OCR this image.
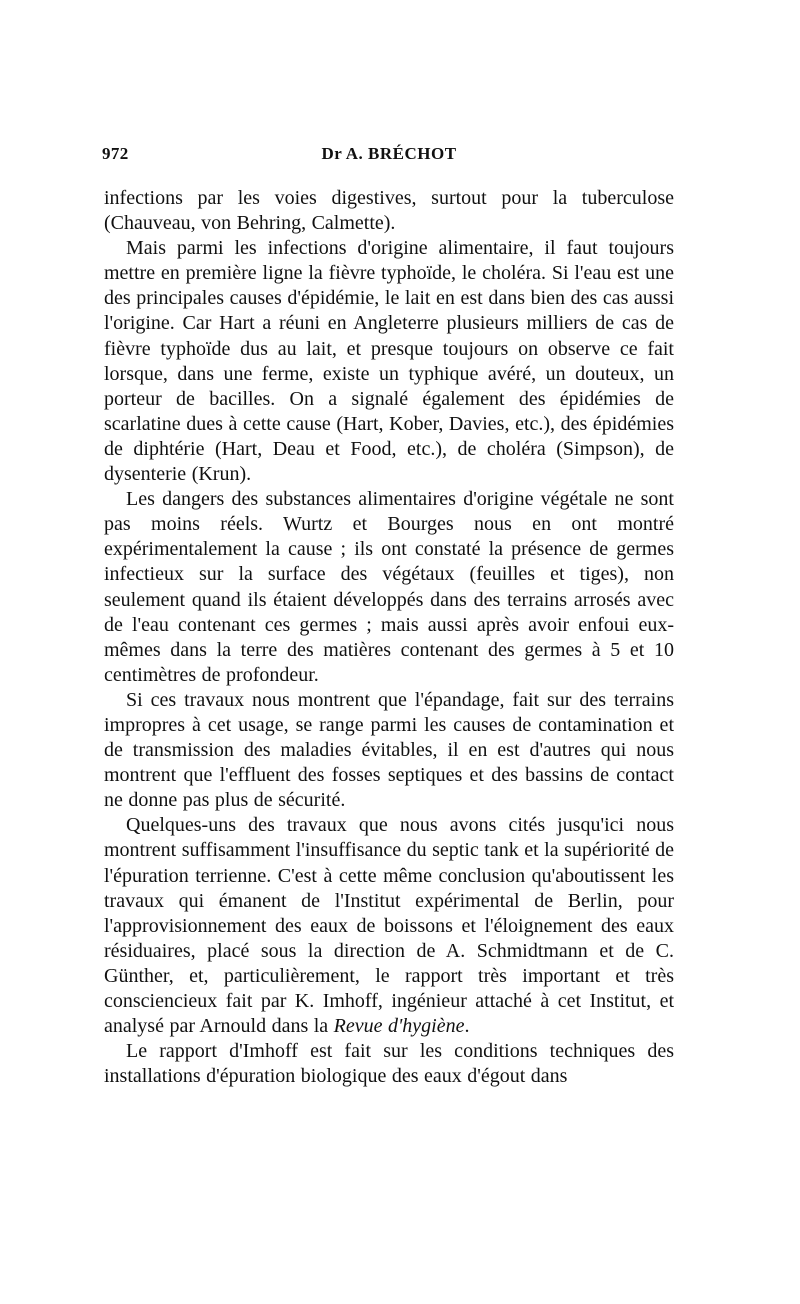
972	Dr A. BRÉCHOT

infections par les voies digestives, surtout pour la tuberculose (Chauveau, von Behring, Calmette).

Mais parmi les infections d'origine alimentaire, il faut toujours mettre en première ligne la fièvre typhoïde, le choléra. Si l'eau est une des principales causes d'épidémie, le lait en est dans bien des cas aussi l'origine. Car Hart a réuni en Angleterre plusieurs milliers de cas de fièvre typhoïde dus au lait, et presque toujours on observe ce fait lorsque, dans une ferme, existe un typhique avéré, un douteux, un porteur de bacilles. On a signalé également des épidémies de scarlatine dues à cette cause (Hart, Kober, Davies, etc.), des épidémies de diphtérie (Hart, Deau et Food, etc.), de choléra (Simpson), de dysenterie (Krun).

Les dangers des substances alimentaires d'origine végétale ne sont pas moins réels. Wurtz et Bourges nous en ont montré expérimentalement la cause ; ils ont constaté la présence de germes infectieux sur la surface des végétaux (feuilles et tiges), non seulement quand ils étaient développés dans des terrains arrosés avec de l'eau contenant ces germes ; mais aussi après avoir enfoui eux-mêmes dans la terre des matières contenant des germes à 5 et 10 centimètres de profondeur.

Si ces travaux nous montrent que l'épandage, fait sur des terrains impropres à cet usage, se range parmi les causes de contamination et de transmission des maladies évitables, il en est d'autres qui nous montrent que l'effluent des fosses septiques et des bassins de contact ne donne pas plus de sécurité.

Quelques-uns des travaux que nous avons cités jusqu'ici nous montrent suffisamment l'insuffisance du septic tank et la supériorité de l'épuration terrienne. C'est à cette même conclusion qu'aboutissent les travaux qui émanent de l'Institut expérimental de Berlin, pour l'approvisionnement des eaux de boissons et l'éloignement des eaux résiduaires, placé sous la direction de A. Schmidtmann et de C. Günther, et, particulièrement, le rapport très important et très consciencieux fait par K. Imhoff, ingénieur attaché à cet Institut, et analysé par Arnould dans la Revue d'hygiène.

Le rapport d'Imhoff est fait sur les conditions techniques des installations d'épuration biologique des eaux d'égout dans
